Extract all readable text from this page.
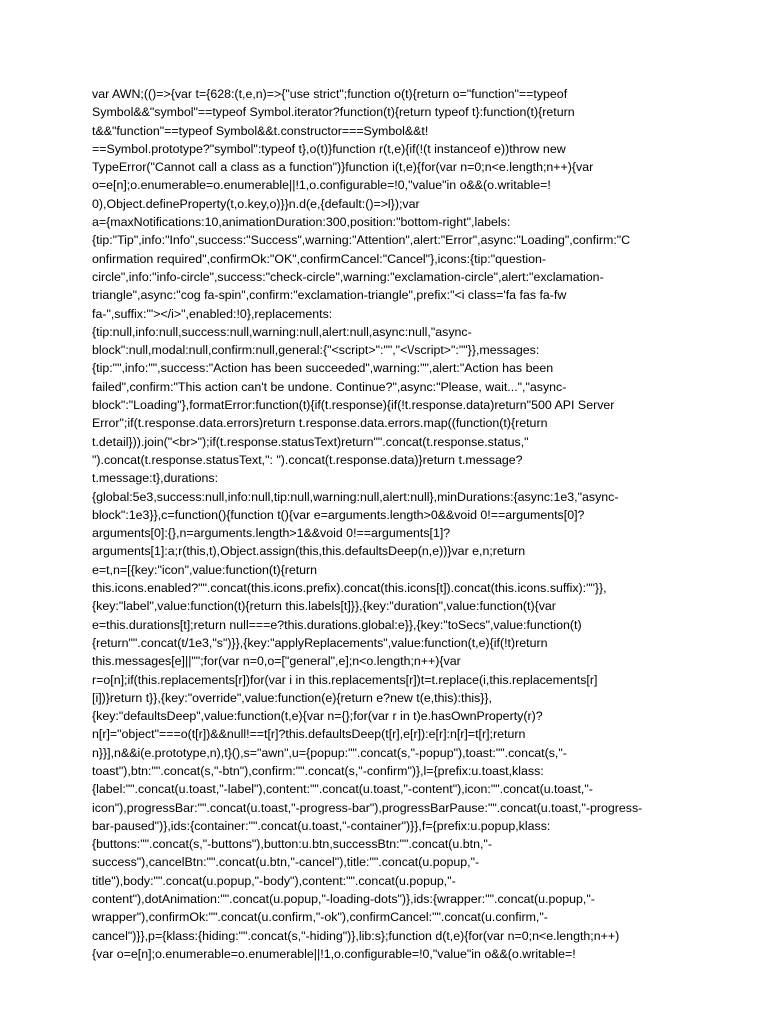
var AWN;(()=>{var t={628:(t,e,n)=>{"use strict";function o(t){return o="function"==typeof
Symbol&&"symbol"==typeof Symbol.iterator?function(t){return typeof t}:function(t){return
t&&"function"==typeof Symbol&&t.constructor===Symbol&&t!
==Symbol.prototype?"symbol":typeof t},o(t)}function r(t,e){if(!(t instanceof e))throw new
TypeError("Cannot call a class as a function")}function i(t,e){for(var n=0;n<e.length;n++){var
o=e[n];o.enumerable=o.enumerable||!1,o.configurable=!0,"value"in o&&(o.writable=!
0),Object.defineProperty(t,o.key,o)}}n.d(e,{default:()=>l});var
a={maxNotifications:10,animationDuration:300,position:"bottom-right",labels:
{tip:"Tip",info:"Info",success:"Success",warning:"Attention",alert:"Error",async:"Loading",confirm:"C
onfirmation required",confirmOk:"OK",confirmCancel:"Cancel"},icons:{tip:"question-
circle",info:"info-circle",success:"check-circle",warning:"exclamation-circle",alert:"exclamation-
triangle",async:"cog fa-spin",confirm:"exclamation-triangle",prefix:"<i class='fa fas fa-fw
fa-",suffix:"'></i>",enabled:!0},replacements:
{tip:null,info:null,success:null,warning:null,alert:null,async:null,"async-
block":null,modal:null,confirm:null,general:{"<script>":"","<\/script>":""}},messages:
{tip:"",info:"",success:"Action has been succeeded",warning:"",alert:"Action has been
failed",confirm:"This action can't be undone. Continue?",async:"Please, wait...","async-
block":"Loading"},formatError:function(t){if(t.response){if(!t.response.data)return"500 API Server
Error";if(t.response.data.errors)return t.response.data.errors.map((function(t){return
t.detail})).join("<br>");if(t.response.statusText)return"".concat(t.response.status,"
").concat(t.response.statusText,": ").concat(t.response.data)}return t.message?
t.message:t},durations:
{global:5e3,success:null,info:null,tip:null,warning:null,alert:null},minDurations:{async:1e3,"async-
block":1e3}},c=function(){function t(){var e=arguments.length>0&&void 0!==arguments[0]?
arguments[0]:{},n=arguments.length>1&&void 0!==arguments[1]?
arguments[1]:a;r(this,t),Object.assign(this,this.defaultsDeep(n,e))}var e,n;return
e=t,n=[{key:"icon",value:function(t){return
this.icons.enabled?"".concat(this.icons.prefix).concat(this.icons[t]).concat(this.icons.suffix):""}},
{key:"label",value:function(t){return this.labels[t]}},{key:"duration",value:function(t){var
e=this.durations[t];return null===e?this.durations.global:e}},{key:"toSecs",value:function(t)
{return"".concat(t/1e3,"s")}},{key:"applyReplacements",value:function(t,e){if(!t)return
this.messages[e]||"";for(var n=0,o=["general",e];n<o.length;n++){var
r=o[n];if(this.replacements[r])for(var i in this.replacements[r])t=t.replace(i,this.replacements[r]
[i])}return t}},{key:"override",value:function(e){return e?new t(e,this):this}},
{key:"defaultsDeep",value:function(t,e){var n={};for(var r in t)e.hasOwnProperty(r)?
n[r]="object"===o(t[r])&&null!==t[r]?this.defaultsDeep(t[r],e[r]):e[r]:n[r]=t[r];return
n}}],n&&i(e.prototype,n),t}(),s="awn",u={popup:"".concat(s,"-popup"),toast:"".concat(s,"-
toast"),btn:"".concat(s,"-btn"),confirm:"".concat(s,"-confirm")},l={prefix:u.toast,klass:
{label:"".concat(u.toast,"-label"),content:"".concat(u.toast,"-content"),icon:"".concat(u.toast,"-
icon"),progressBar:"".concat(u.toast,"-progress-bar"),progressBarPause:"".concat(u.toast,"-progress-
bar-paused")},ids:{container:"".concat(u.toast,"-container")}},f={prefix:u.popup,klass:
{buttons:"".concat(s,"-buttons"),button:u.btn,successBtn:"".concat(u.btn,"-
success"),cancelBtn:"".concat(u.btn,"-cancel"),title:"".concat(u.popup,"-
title"),body:"".concat(u.popup,"-body"),content:"".concat(u.popup,"-
content"),dotAnimation:"".concat(u.popup,"-loading-dots")},ids:{wrapper:"".concat(u.popup,"-
wrapper"),confirmOk:"".concat(u.confirm,"-ok"),confirmCancel:"".concat(u.confirm,"-
cancel")}},p={klass:{hiding:"".concat(s,"-hiding")},lib:s};function d(t,e){for(var n=0;n<e.length;n++)
{var o=e[n];o.enumerable=o.enumerable||!1,o.configurable=!0,"value"in o&&(o.writable=!
